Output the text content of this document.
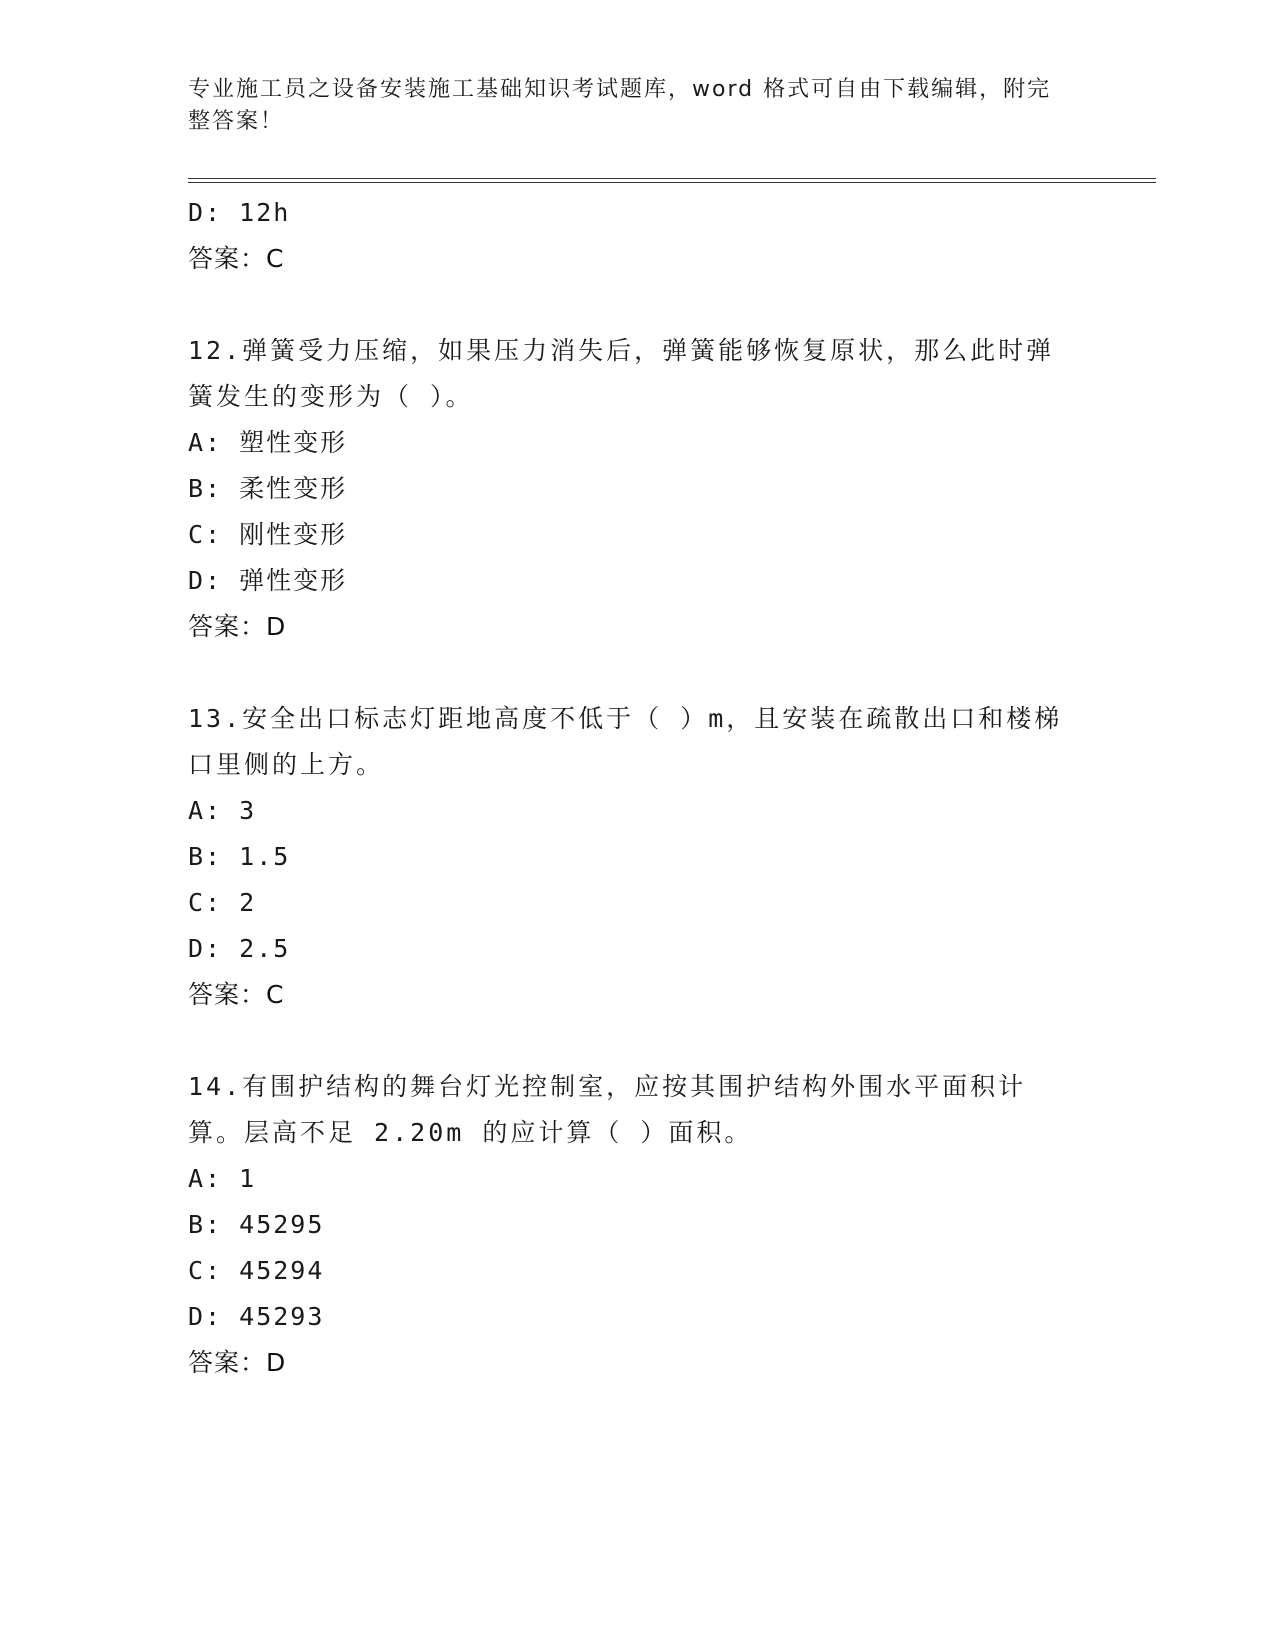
专业施工员之设备安装施工基础知识考试题库，word 格式可自由下载编辑，附完整答案！
D: 12h
答案：C
12.弹簧受力压缩，如果压力消失后，弹簧能够恢复原状，那么此时弹簧发生的变形为（ ）。
A: 塑性变形
B: 柔性变形
C: 刚性变形
D: 弹性变形
答案：D
13.安全出口标志灯距地高度不低于（ ）m，且安装在疏散出口和楼梯口里侧的上方。
A: 3
B: 1.5
C: 2
D: 2.5
答案：C
14.有围护结构的舞台灯光控制室，应按其围护结构外围水平面积计算。层高不足 2.20m 的应计算（ ）面积。
A: 1
B: 45295
C: 45294
D: 45293
答案：D
